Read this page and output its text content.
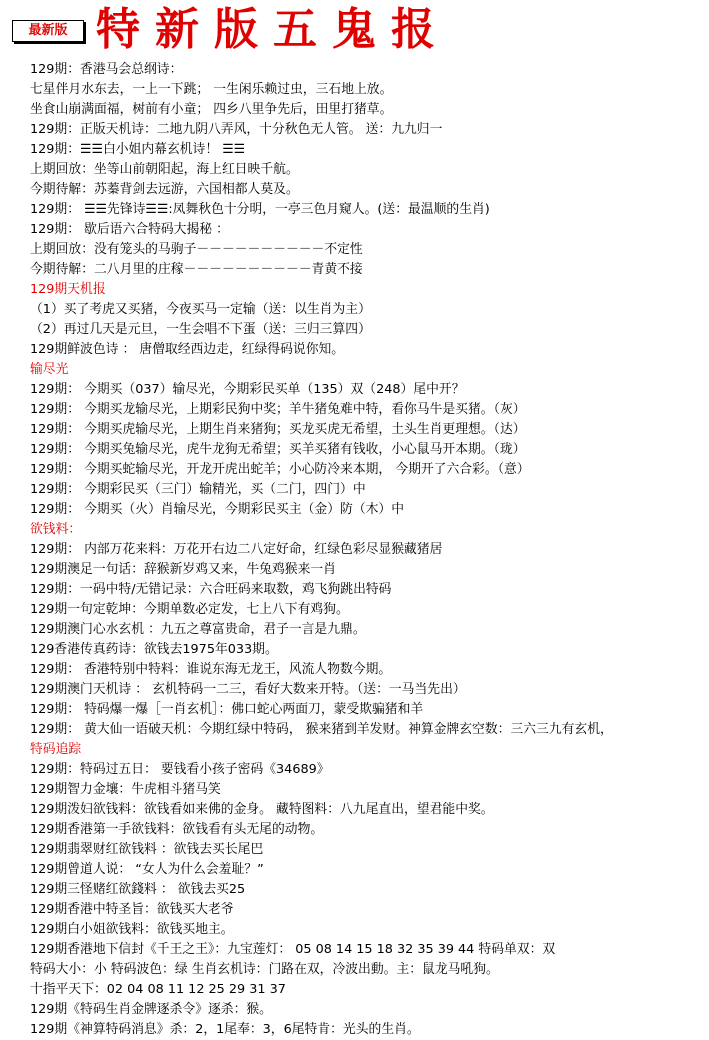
最新版 特新版五鬼报
129期：香港马会总纲诗：
七星伴月水东去，一上一下跳； 一生闲乐赖过虫，三石地上放。
坐食山崩满面福，树前有小童； 四乡八里争先后，田里打猪草。
129期：正版天机诗：二地九阴八弄风，十分秋色无人管。 送：九九归一
129期：☰☰白小姐内幕玄机诗！ ☰☰
上期回放：坐等山前朝阳起，海上红日映千航。
今期待解：苏蓁背剑去远游，六国相都人莫及。
129期： ☰☰先锋诗☰☰:凤舞秋色十分明，一亭三色月窥人。(送：最温顺的生肖)
129期： 歇后语六合特码大揭秘 ：
上期回放：没有笼头的马驹子－－－－－－－－－－不定性
今期待解：二八月里的庄稼－－－－－－－－－－青黄不接
129期天机报
（1）买了考虎又买猪，今夜买马一定输（送：以生肖为主）
（2）再过几天是元旦，一生会唱不下蛋（送：三归三算四）
129期鲜波色诗 ： 唐僧取经西边走，红绿得码说你知。
输尽光
129期： 今期买（037）输尽光，今期彩民买单（135）双（248）尾中开？
129期： 今期买龙输尽光，上期彩民狗中奖；羊牛猪兔难中特，看你马牛是买猪。（灰）
129期： 今期买虎输尽光，上期生肖来猪狗；买龙买虎无希望，土头生肖更理想。（达）
129期： 今期买兔输尽光，虎牛龙狗无希望；买羊买猪有钱收，小心鼠马开本期。（珑）
129期： 今期买蛇输尽光，开龙开虎出蛇羊；小心防冷来本期， 今期开了六合彩。（意）
129期： 今期彩民买（三门）输精光，买（二门，四门）中
129期： 今期买（火）肖输尽光，今期彩民买主（金）防（木）中
欲钱料：
129期： 内部万花来料：万花开右边二八定好命，红绿色彩尽显猴藏猪居
129期澳足一句话：辞猴新岁鸡又来，牛兔鸡猴来一肖
129期：一码中特/无错记录：六合旺码来取数，鸡飞狗跳出特码
129期一句定乾坤：今期单数必定发，七上八下有鸡狗。
129期澳门心水玄机 ：九五之尊富贵命，君子一言是九鼎。
129香港传真药诗：欲钱去1975年033期。
129期： 香港特别中特料：谁说东海无龙王，风流人物数今期。
129期澳门天机诗 ： 玄机特码一二三，看好大数来开特。（送：一马当先出）
129期： 特码爆一爆［一肖玄机］：佛口蛇心两面刀，蒙受欺骗猪和羊
129期： 黄大仙一语破天机：今期红绿中特码， 猴来猪到羊发财。神算金牌玄空数：三六三九有玄机，
特码追踪
129期：特码过五日： 要钱看小孩子密码《34689》
129期智力金壤：牛虎相斗猪马笑
129期泼妇欲钱料：欲钱看如来佛的金身。 藏特图料：八九尾直出，望君能中奖。
129期香港第一手欲钱料：欲钱看有头无尾的动物。
129期翡翠财红欲钱料 ：欲钱去买长尾巴
129期曾道人说： “女人为什么会羞耻？”
129期三怪赌红欲錢料 ： 欲钱去买25
129期香港中特圣旨：欲钱买大老爷
129期白小姐欲钱料：欲钱买地主。
129期香港地下信封《千王之王》：九宝莲灯： 05 08 14 15 18 32 35 39 44 特码单双：双
特码大小：小 特码波色：绿 生肖玄机诗：门路在双，冷波出動。主：鼠龙马吼狗。
十指平天下：02 04 08 11 12 25 29 31 37
129期《特码生肖金牌逐杀令》逐杀：猴。
129期《神算特码消息》杀：2，1尾奉：3，6尾特肯：光头的生肖。
